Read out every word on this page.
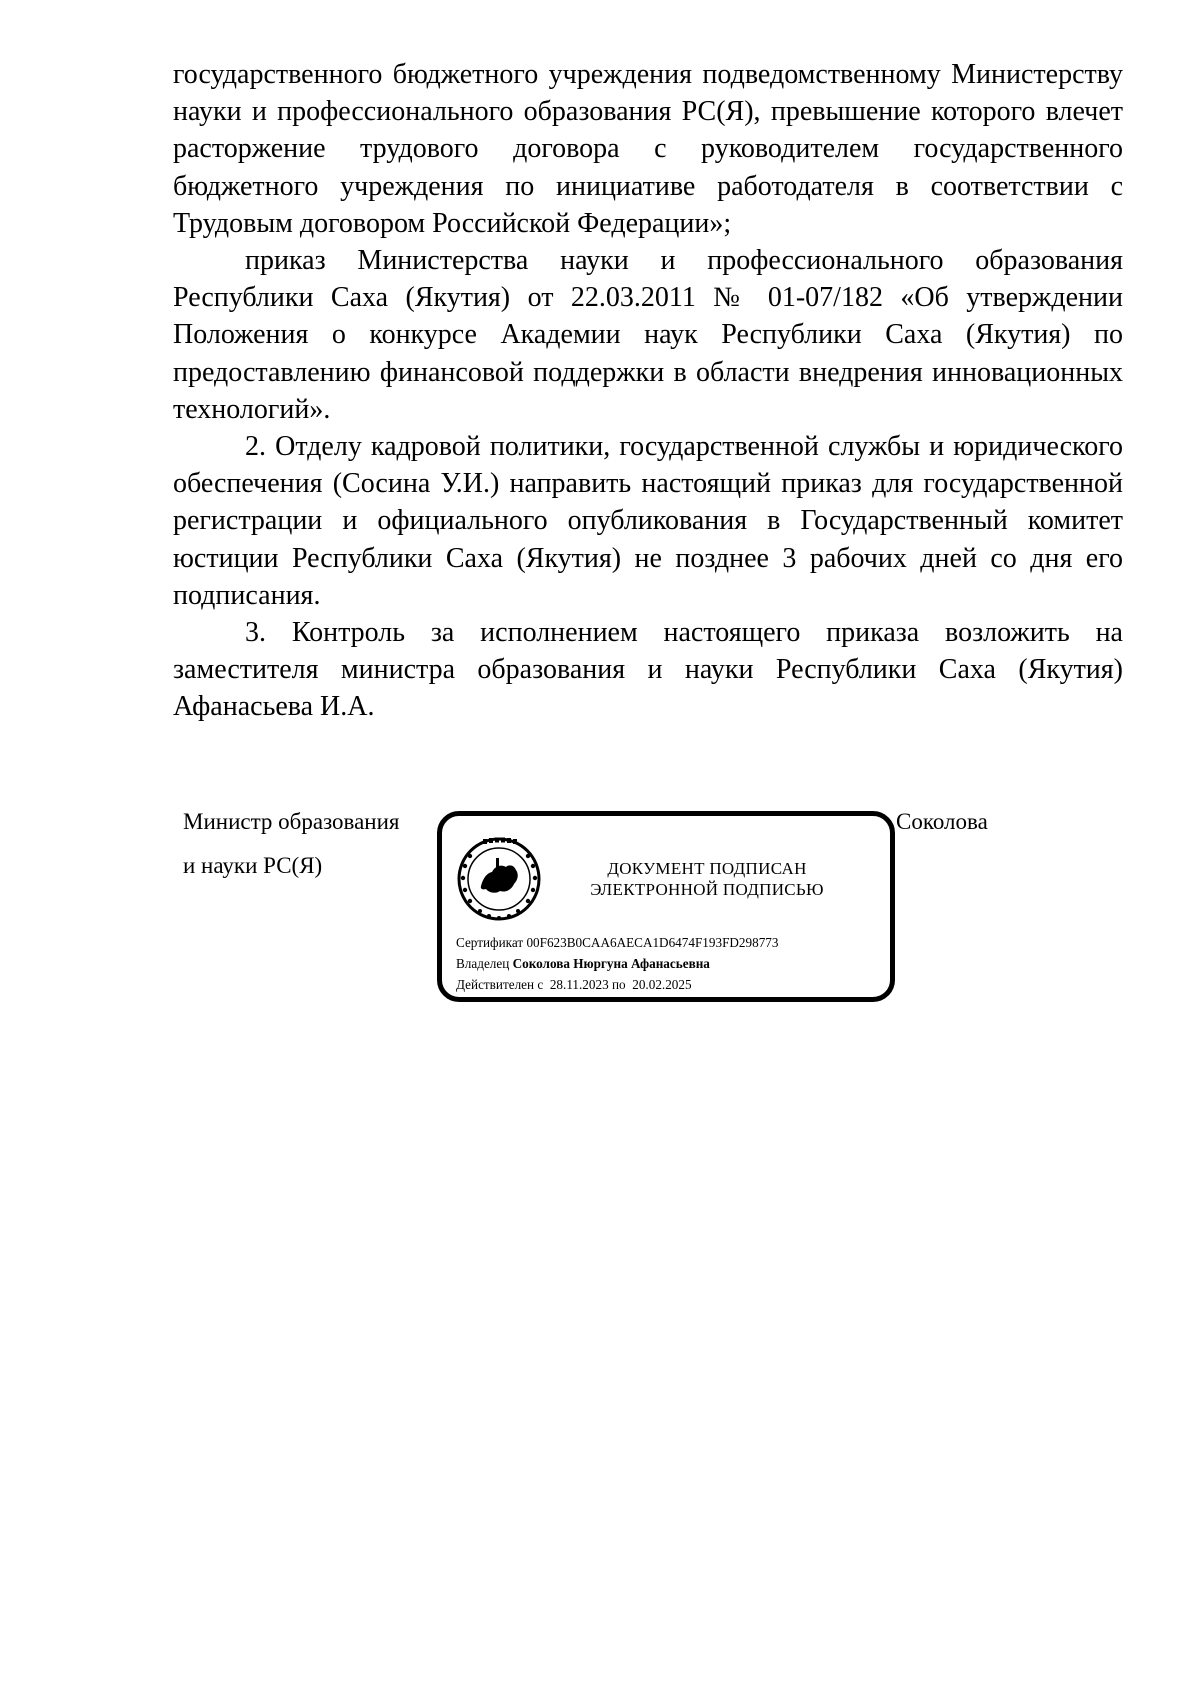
государственного бюджетного учреждения подведомственному Министерству науки и профессионального образования РС(Я), превышение которого влечет расторжение трудового договора с руководителем государственного бюджетного учреждения по инициативе работодателя в соответствии с Трудовым договором Российской Федерации»;

приказ Министерства науки и профессионального образования Республики Саха (Якутия) от 22.03.2011 № 01-07/182 «Об утверждении Положения о конкурсе Академии наук Республики Саха (Якутия) по предоставлению финансовой поддержки в области внедрения инновационных технологий».

2. Отделу кадровой политики, государственной службы и юридического обеспечения (Сосина У.И.) направить настоящий приказ для государственной регистрации и официального опубликования в Государственный комитет юстиции Республики Саха (Якутия) не позднее 3 рабочих дней со дня его подписания.

3. Контроль за исполнением настоящего приказа возложить на заместителя министра образования и науки Республики Саха (Якутия) Афанасьева И.А.

Министр образования
и науки РС(Я)
Соколова
ДОКУМЕНТ ПОДПИСАН
ЭЛЕКТРОННОЙ ПОДПИСЬЮ
Сертификат 00F623B0CAA6AECA1D6474F193FD298773
Владелец Соколова Нюргуна Афанасьевна
Действителен с 28.11.2023 по 20.02.2025
